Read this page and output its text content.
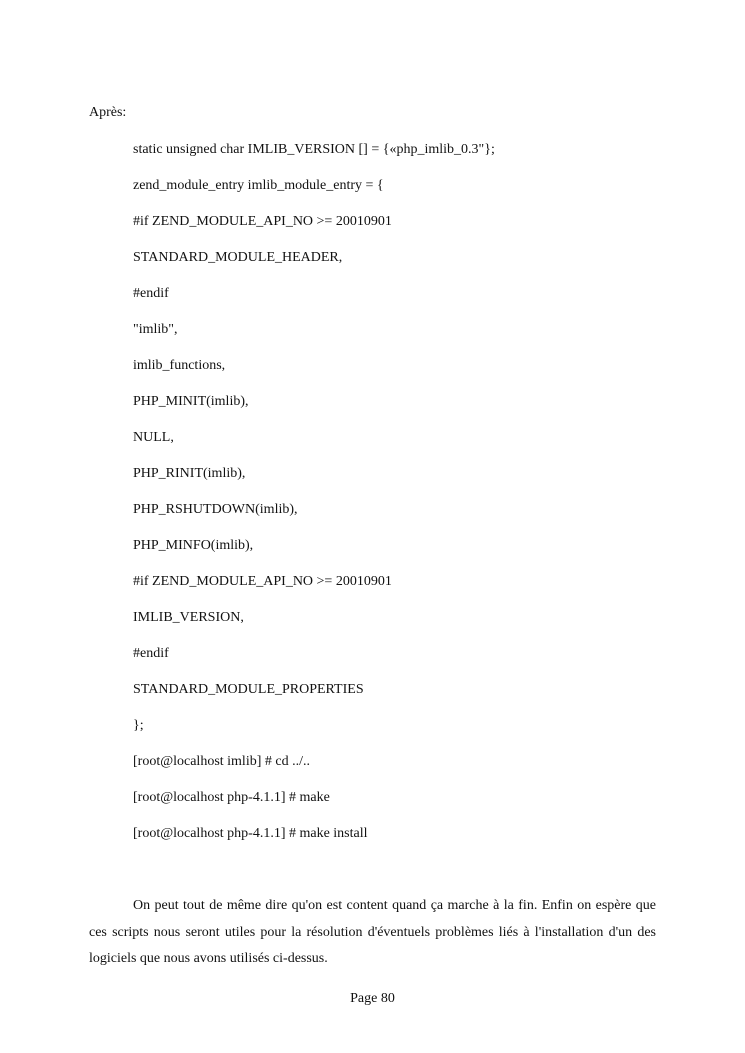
Après:
static unsigned char IMLIB_VERSION [] = {«php_imlib_0.3"};
zend_module_entry imlib_module_entry = {
#if ZEND_MODULE_API_NO >= 20010901
STANDARD_MODULE_HEADER,
#endif
"imlib",
imlib_functions,
PHP_MINIT(imlib),
NULL,
PHP_RINIT(imlib),
PHP_RSHUTDOWN(imlib),
PHP_MINFO(imlib),
#if ZEND_MODULE_API_NO >= 20010901
IMLIB_VERSION,
#endif
STANDARD_MODULE_PROPERTIES
};
[root@localhost imlib] # cd ../..
[root@localhost php-4.1.1] # make
[root@localhost php-4.1.1] # make install

On peut tout de même dire qu'on est content quand ça marche à la fin. Enfin on espère que ces scripts nous seront utiles pour la résolution d'éventuels problèmes liés à l'installation d'un des logiciels que nous avons utilisés ci-dessus.

Page 80
